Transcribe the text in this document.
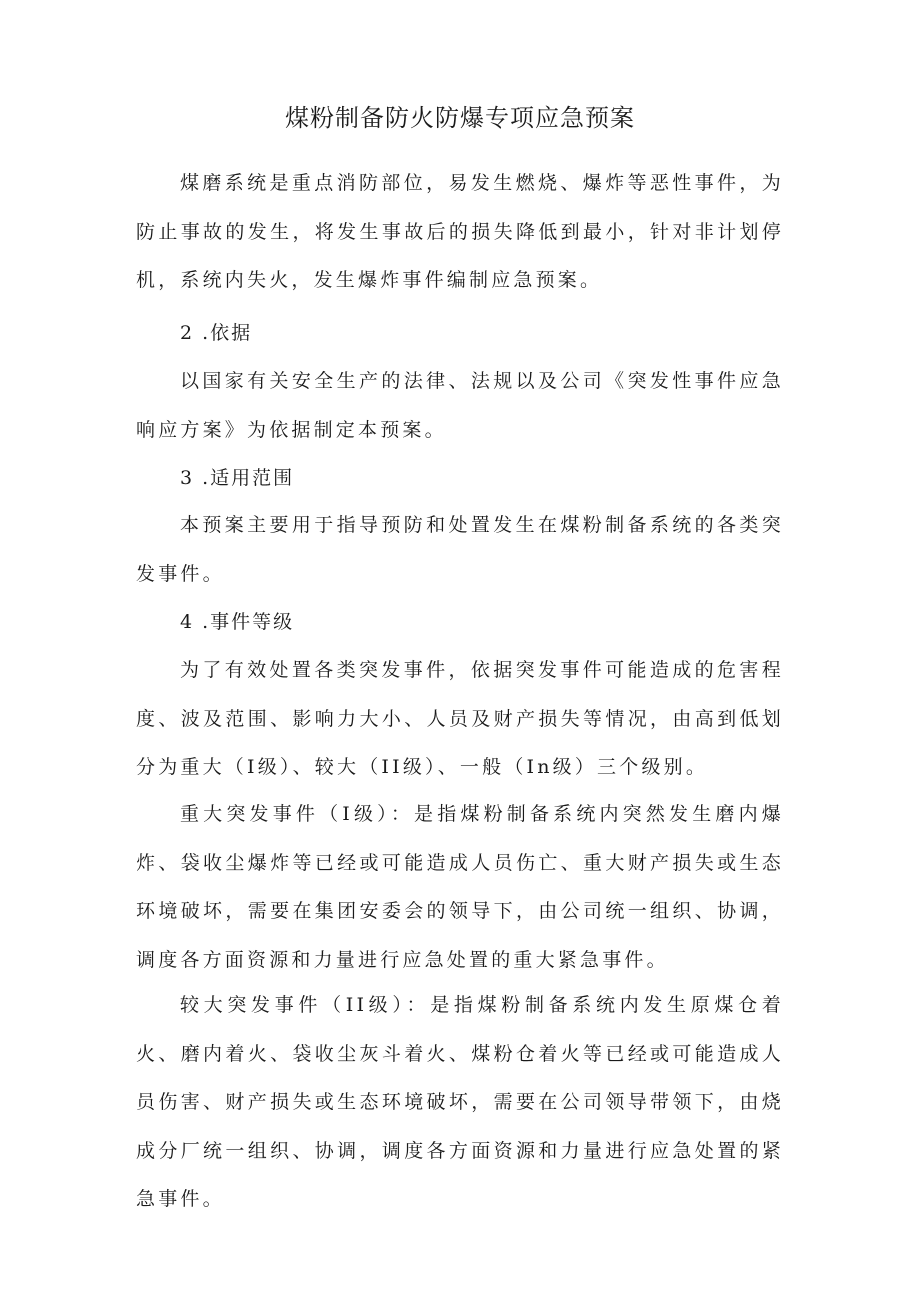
煤粉制备防火防爆专项应急预案

煤磨系统是重点消防部位，易发生燃烧、爆炸等恶性事件，为防止事故的发生，将发生事故后的损失降低到最小，针对非计划停机，系统内失火，发生爆炸事件编制应急预案。

2 .依据

以国家有关安全生产的法律、法规以及公司《突发性事件应急响应方案》为依据制定本预案。

3 .适用范围

本预案主要用于指导预防和处置发生在煤粉制备系统的各类突发事件。

4 .事件等级

为了有效处置各类突发事件，依据突发事件可能造成的危害程度、波及范围、影响力大小、人员及财产损失等情况，由高到低划分为重大（I级）、较大（II级）、一般（In级）三个级别。

重大突发事件（I级）：是指煤粉制备系统内突然发生磨内爆炸、袋收尘爆炸等已经或可能造成人员伤亡、重大财产损失或生态环境破坏，需要在集团安委会的领导下，由公司统一组织、协调，调度各方面资源和力量进行应急处置的重大紧急事件。

较大突发事件（II级）：是指煤粉制备系统内发生原煤仓着火、磨内着火、袋收尘灰斗着火、煤粉仓着火等已经或可能造成人员伤害、财产损失或生态环境破坏，需要在公司领导带领下，由烧成分厂统一组织、协调，调度各方面资源和力量进行应急处置的紧急事件。
